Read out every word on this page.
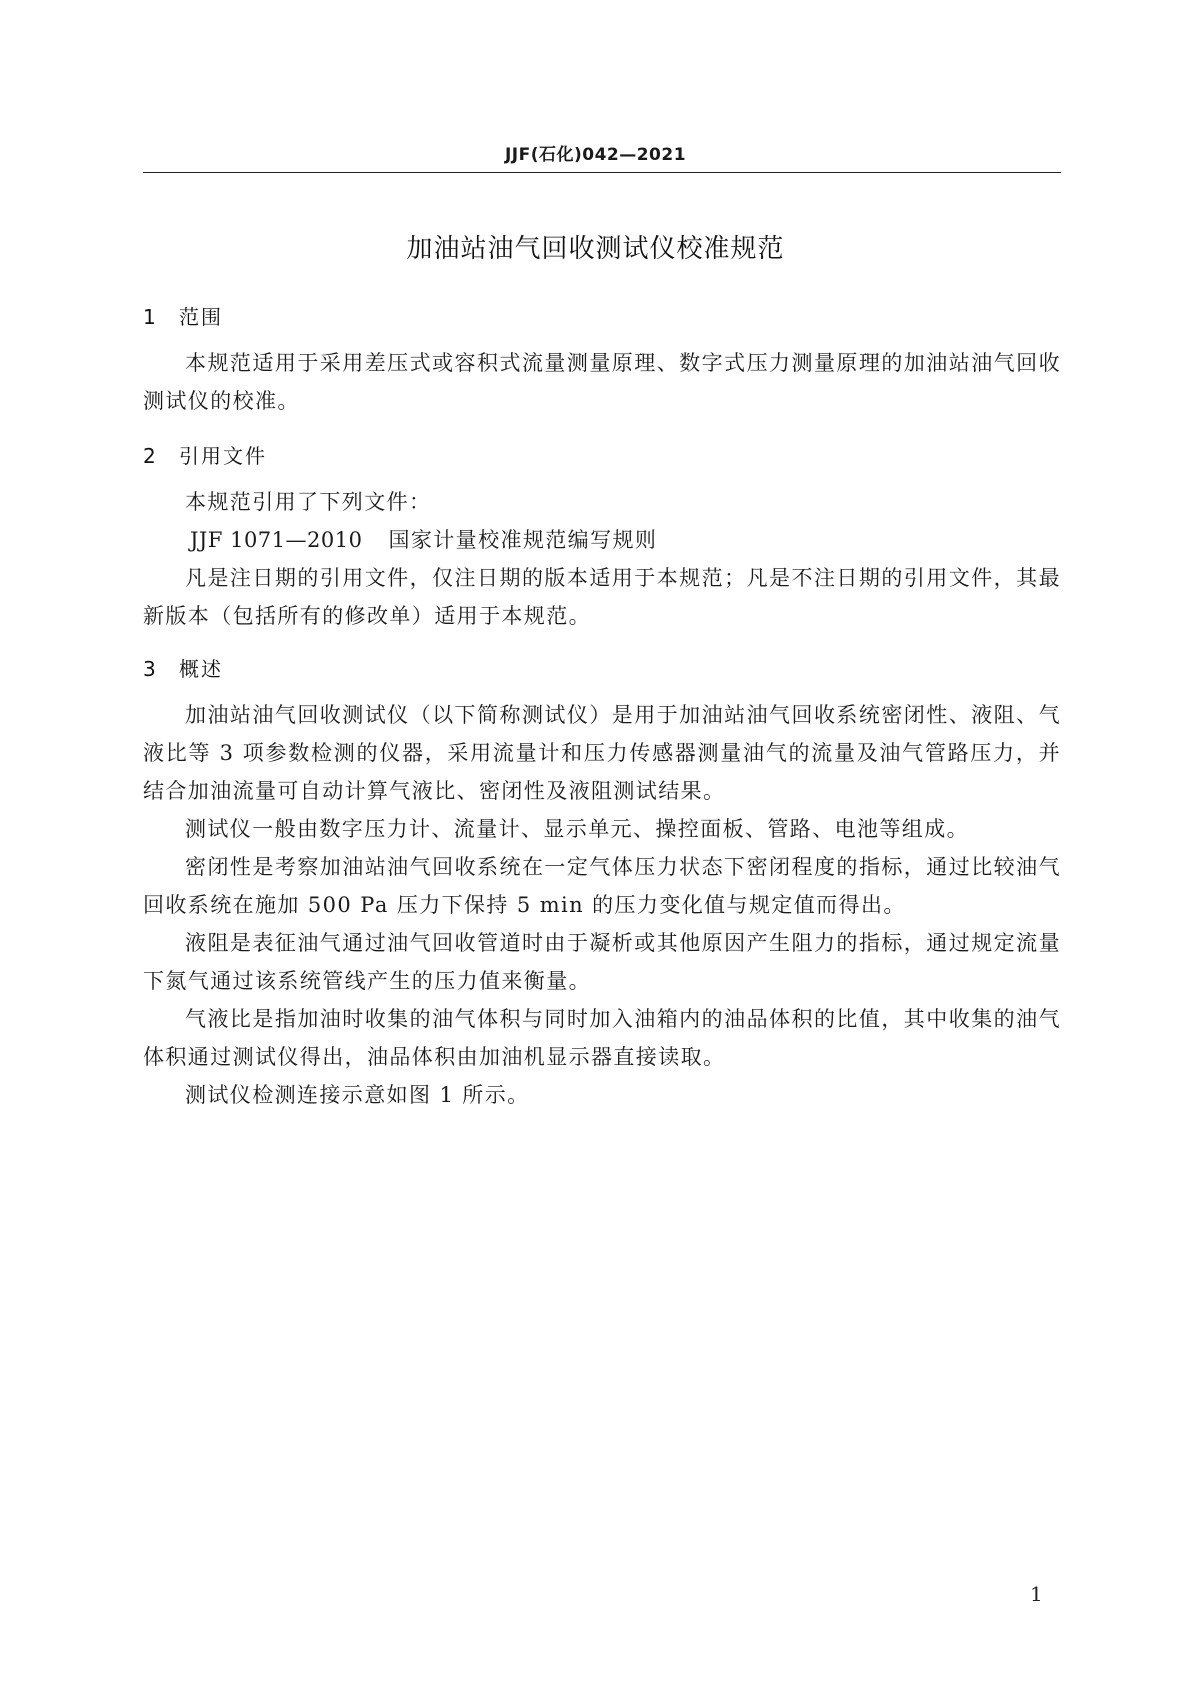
JJF(石化)042—2021
加油站油气回收测试仪校准规范
1 范围

本规范适用于采用差压式或容积式流量测量原理、数字式压力测量原理的加油站油气回收测试仪的校准。

2 引用文件

本规范引用了下列文件：

JJF 1071—2010 国家计量校准规范编写规则

凡是注日期的引用文件，仅注日期的版本适用于本规范；凡是不注日期的引用文件，其最新版本（包括所有的修改单）适用于本规范。

3 概述

加油站油气回收测试仪（以下简称测试仪）是用于加油站油气回收系统密闭性、液阻、气液比等 3 项参数检测的仪器，采用流量计和压力传感器测量油气的流量及油气管路压力，并结合加油流量可自动计算气液比、密闭性及液阻测试结果。

测试仪一般由数字压力计、流量计、显示单元、操控面板、管路、电池等组成。

密闭性是考察加油站油气回收系统在一定气体压力状态下密闭程度的指标，通过比较油气回收系统在施加 500 Pa 压力下保持 5 min 的压力变化值与规定值而得出。

液阻是表征油气通过油气回收管道时由于凝析或其他原因产生阻力的指标，通过规定流量下氮气通过该系统管线产生的压力值来衡量。

气液比是指加油时收集的油气体积与同时加入油箱内的油品体积的比值，其中收集的油气体积通过测试仪得出，油品体积由加油机显示器直接读取。

测试仪检测连接示意如图 1 所示。

1
